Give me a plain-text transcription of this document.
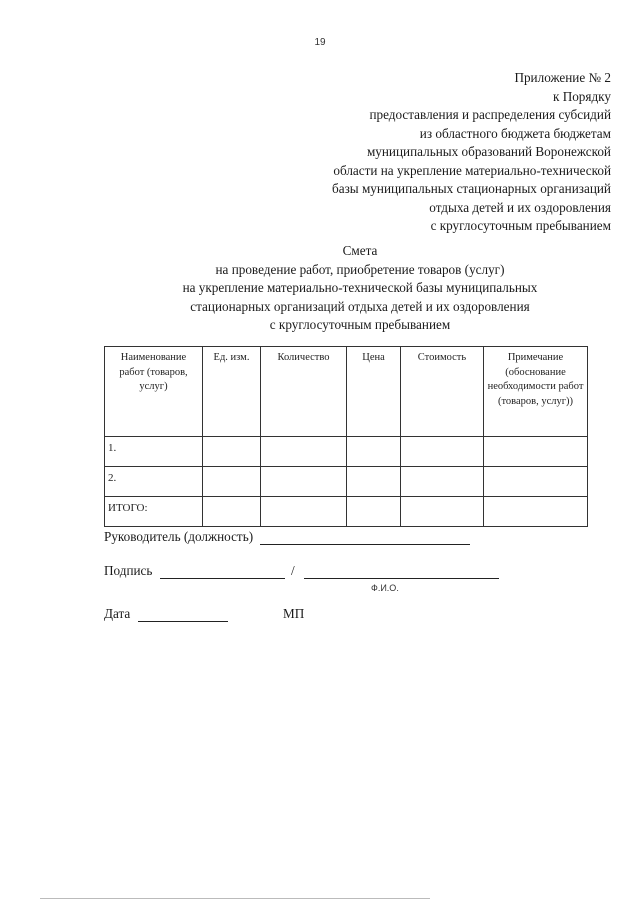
19
Приложение № 2
к Порядку
предоставления и распределения субсидий
из областного бюджета бюджетам
муниципальных образований Воронежской
области на укрепление материально-технической
базы муниципальных стационарных организаций
отдыха детей и их оздоровления
с круглосуточным пребыванием
Смета
на проведение работ, приобретение товаров (услуг)
на укрепление материально-технической базы муниципальных
стационарных организаций отдыха детей и их оздоровления
с круглосуточным пребыванием
Наименование работ (товаров, услуг)	Ед. изм.	Количество	Цена	Стоимость	Примечание (обоснование необходимости работ (товаров, услуг))
1.					
2.					
ИТОГО:					
Руководитель (должность)
Подпись	/
Ф.И.О.
Дата	МП
